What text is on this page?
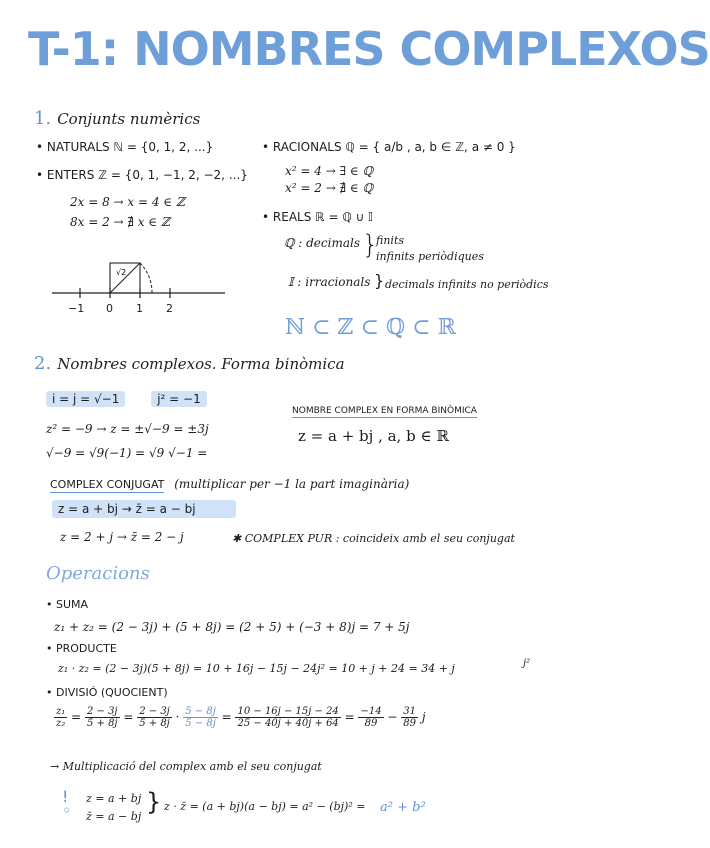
T-1: NOMBRES COMPLEXOS
1. Conjunts numèrics
• NATURALS ℕ = {0, 1, 2, ...}
• ENTERS ℤ = {0, 1, −1, 2, −2, ...}
2x = 8 → x = 4 ∈ ℤ
8x = 2 → ∄ x ∈ ℤ
√2
−1 0 1 2
• RACIONALS ℚ = { a/b , a, b ∈ ℤ, a ≠ 0 }
x² = 4 → ∃ ∈ ℚ
x² = 2 → ∄ ∈ ℚ
• REALS ℝ = ℚ ∪ 𝕀
ℚ : decimals }
finits
infinits periòdiques
𝕀 : irracionals } decimals infinits no periòdics
ℕ ⊂ ℤ ⊂ ℚ ⊂ ℝ
2. Nombres complexos. Forma binòmica
i = j = √−1	j² = −1
z² = −9 → z = ±√−9 = ±3j
√−9 = √9(−1) = √9 √−1 =
NOMBRE COMPLEX EN FORMA BINÒMICA
z = a + bj , a, b ∈ ℝ
COMPLEX CONJUGAT (multiplicar per −1 la part imaginària)
z = a + bj → z̄ = a − bj
z = 2 + j → z̄ = 2 − j	✱ COMPLEX PUR : coincideix amb el seu conjugat
Operacions
• SUMA
z₁ + z₂ = (2 − 3j) + (5 + 8j) = (2 + 5) + (−3 + 8)j = 7 + 5j
• PRODUCTE
z₁ · z₂ = (2 − 3j)(5 + 8j) = 10 + 16j − 15j − 24j² = 10 + j + 24 = 34 + j	j²
• DIVISIÓ (QUOCIENT)
$\frac{\text{z₁}}{\text{z₂}} = \frac{2 - 3j}{5 + 8j} = \frac{2 - 3j}{5 + 8j} \cdot \frac{5 - 8j}{5 - 8j} = \frac{10 - 16j - 15j - 24}{25 - 40j + 40j + 64} = \frac{-14}{89} - \frac{31}{89}$ j
→ Multiplicació del complex amb el seu conjugat
!
◦
z = a + bj
z̄ = a − bj
} z · z̄ = (a + bj)(a − bj) = a² − (bj)² = a² + b²
